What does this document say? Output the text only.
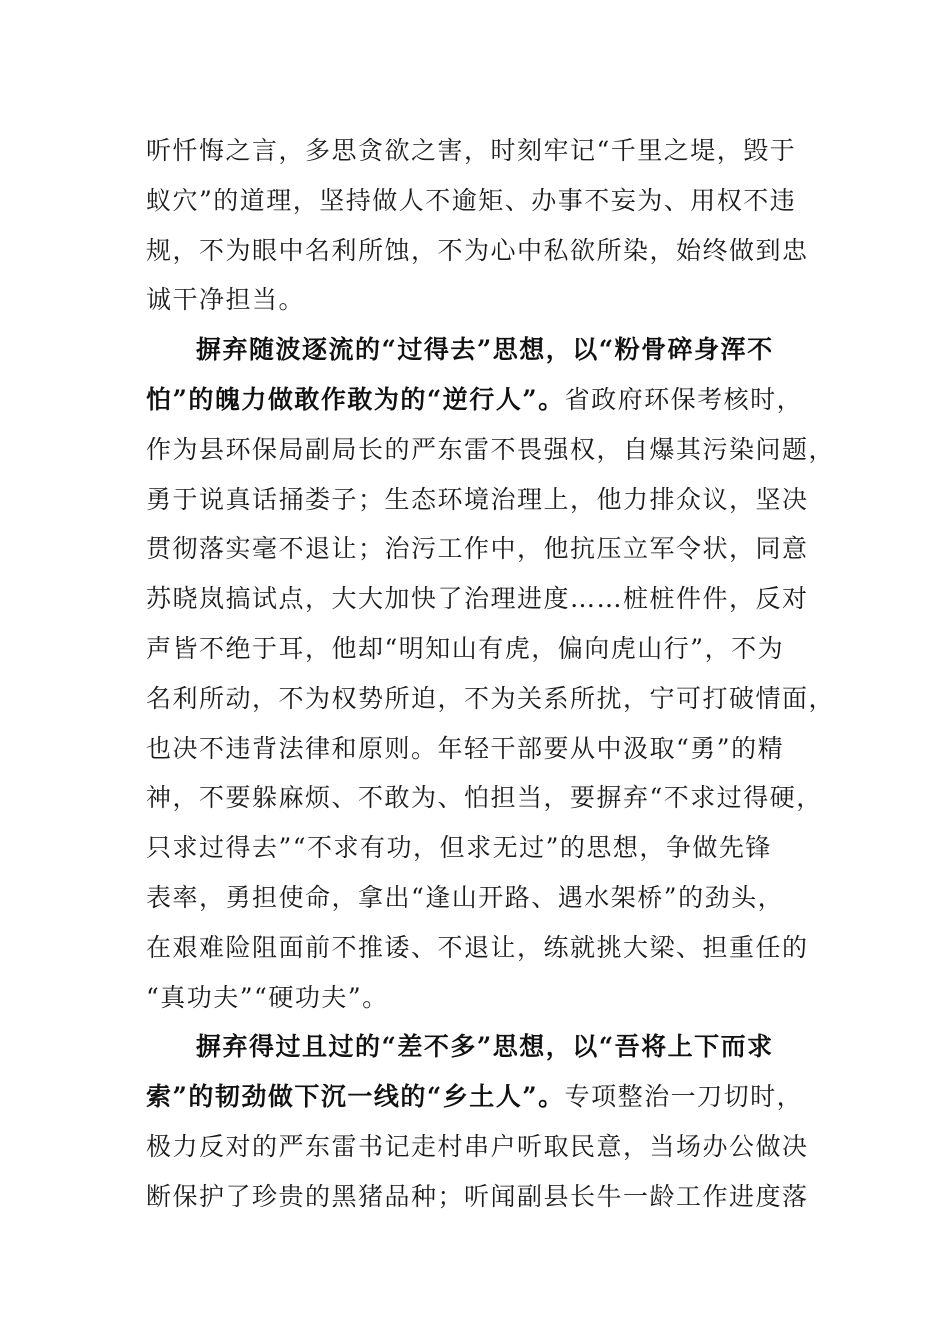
听忏悔之言，多思贪欲之害，时刻牢记“千里之堤，毁于
蚁穴”的道理，坚持做人不逾矩、办事不妄为、用权不违
规，不为眼中名利所蚀，不为心中私欲所染，始终做到忠
诚干净担当。
摒弃随波逐流的“过得去”思想，以“粉骨碎身浑不
怕”的魄力做敢作敢为的“逆行人”。省政府环保考核时，
作为县环保局副局长的严东雷不畏强权，自爆其污染问题，
勇于说真话捅娄子；生态环境治理上，他力排众议，坚决
贯彻落实毫不退让；治污工作中，他抗压立军令状，同意
苏晓岚搞试点，大大加快了治理进度……桩桩件件，反对
声皆不绝于耳，他却“明知山有虎，偏向虎山行”，不为
名利所动，不为权势所迫，不为关系所扰，宁可打破情面，
也决不违背法律和原则。年轻干部要从中汲取“勇”的精
神，不要躲麻烦、不敢为、怕担当，要摒弃“不求过得硬，
只求过得去”“不求有功，但求无过”的思想，争做先锋
表率，勇担使命，拿出“逢山开路、遇水架桥”的劲头，
在艰难险阻面前不推诿、不退让，练就挑大梁、担重任的
“真功夫”“硬功夫”。
摒弃得过且过的“差不多”思想，以“吾将上下而求
索”的韧劲做下沉一线的“乡土人”。专项整治一刀切时，
极力反对的严东雷书记走村串户听取民意，当场办公做决
断保护了珍贵的黑猪品种；听闻副县长牛一龄工作进度落
